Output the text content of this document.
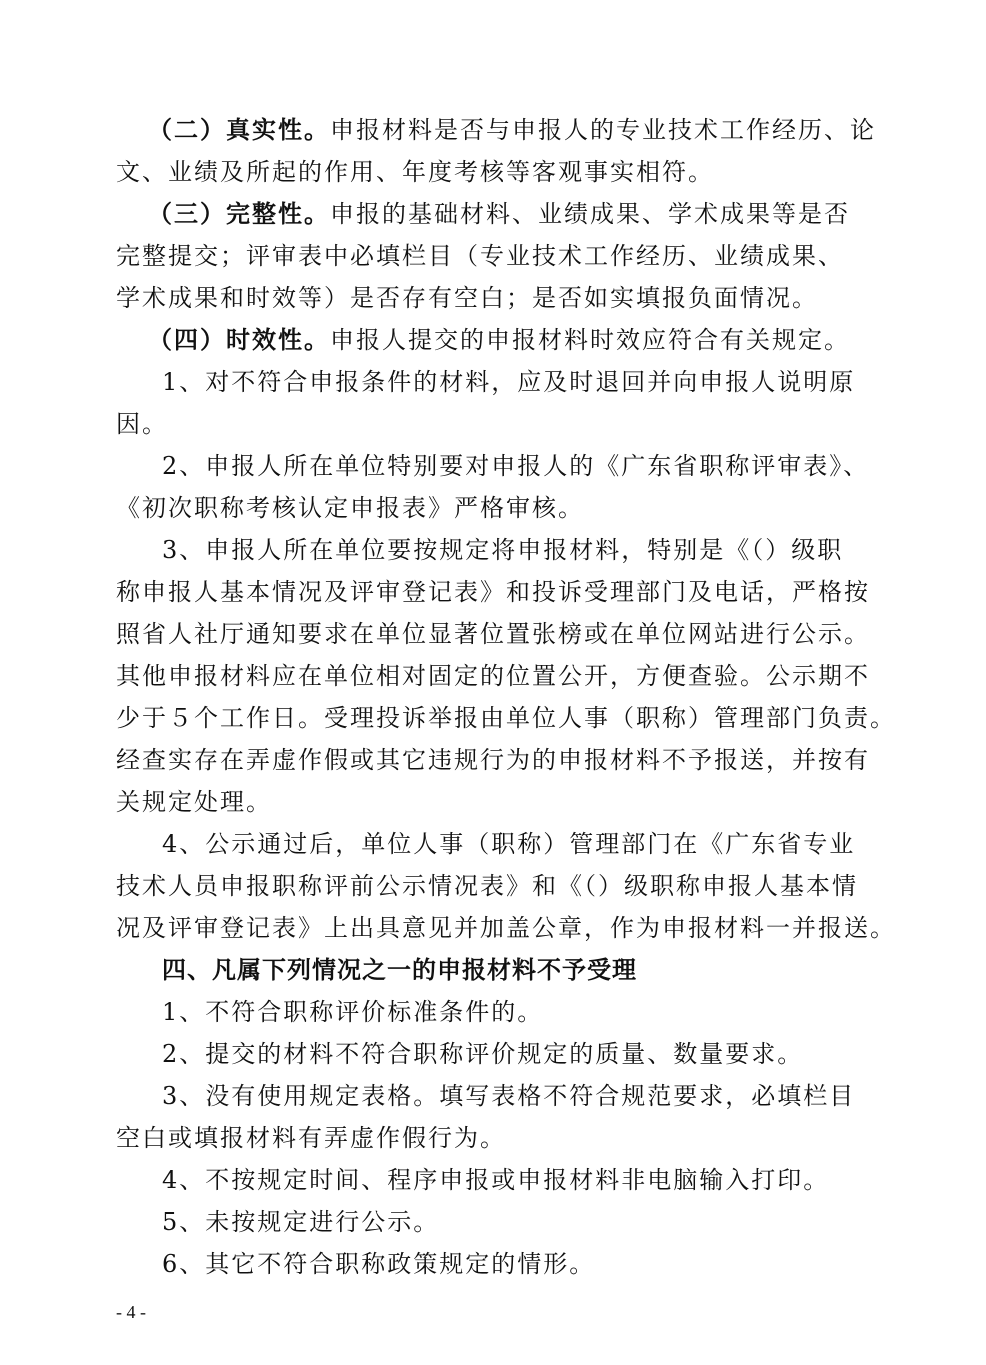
（二）真实性。申报材料是否与申报人的专业技术工作经历、论
文、业绩及所起的作用、年度考核等客观事实相符。
（三）完整性。申报的基础材料、业绩成果、学术成果等是否
完整提交；评审表中必填栏目（专业技术工作经历、业绩成果、
学术成果和时效等）是否存有空白；是否如实填报负面情况。
（四）时效性。申报人提交的申报材料时效应符合有关规定。
1、对不符合申报条件的材料，应及时退回并向申报人说明原
因。
2、申报人所在单位特别要对申报人的《广东省职称评审表》、
《初次职称考核认定申报表》严格审核。
3、申报人所在单位要按规定将申报材料，特别是《（）级职
称申报人基本情况及评审登记表》和投诉受理部门及电话，严格按
照省人社厅通知要求在单位显著位置张榜或在单位网站进行公示。
其他申报材料应在单位相对固定的位置公开，方便查验。公示期不
少于５个工作日。受理投诉举报由单位人事（职称）管理部门负责。
经查实存在弄虚作假或其它违规行为的申报材料不予报送，并按有
关规定处理。
4、公示通过后，单位人事（职称）管理部门在《广东省专业
技术人员申报职称评前公示情况表》和《（）级职称申报人基本情
况及评审登记表》上出具意见并加盖公章，作为申报材料一并报送。
四、凡属下列情况之一的申报材料不予受理
1、不符合职称评价标准条件的。
2、提交的材料不符合职称评价规定的质量、数量要求。
3、没有使用规定表格。填写表格不符合规范要求，必填栏目
空白或填报材料有弄虚作假行为。
4、不按规定时间、程序申报或申报材料非电脑输入打印。
5、未按规定进行公示。
6、其它不符合职称政策规定的情形。
- 4 -
